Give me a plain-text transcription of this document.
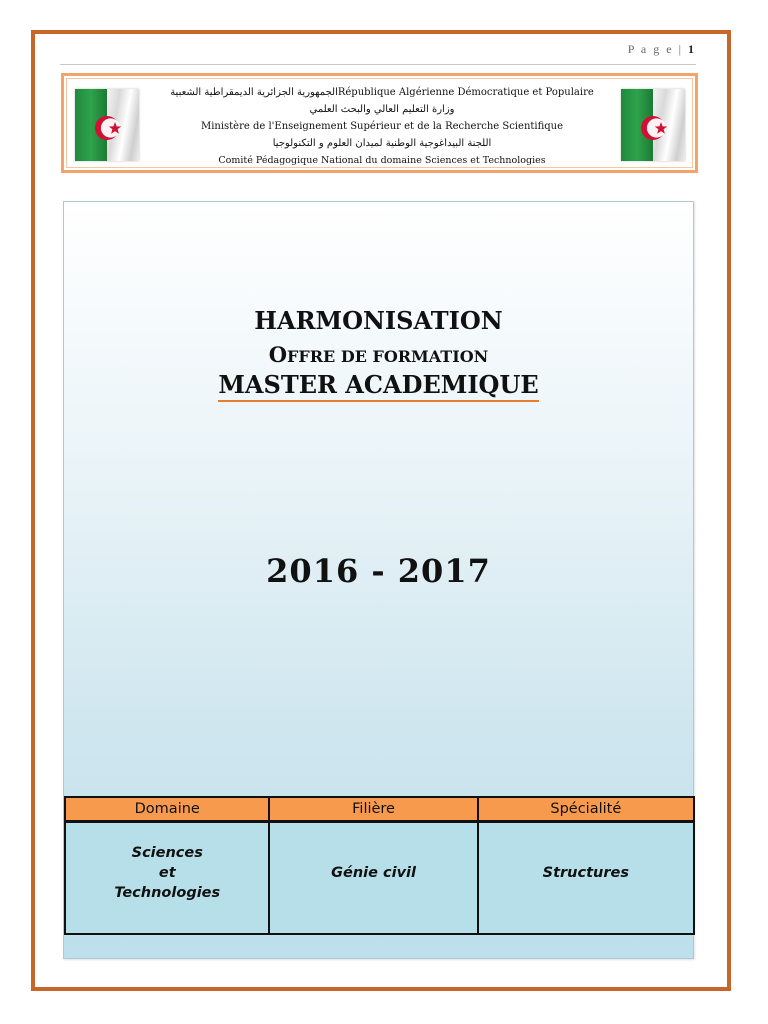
P a g e | 1
الجمهورية الجزائرية الديمقراطية الشعبيةRépublique Algérienne Démocratique et Populaire
وزارة التعليم العالي والبحث العلمي
Ministère de l'Enseignement Supérieur et de la Recherche Scientifique
اللجنة البيداغوجية الوطنية لميدان العلوم و التكنولوجيا
Comité Pédagogique National du domaine Sciences et Technologies
HARMONISATION
OFFRE DE FORMATION
MASTER ACADEMIQUE
2016 - 2017
Domaine	Filière	Spécialité

Sciences
et
Technologies	Génie civil	Structures
